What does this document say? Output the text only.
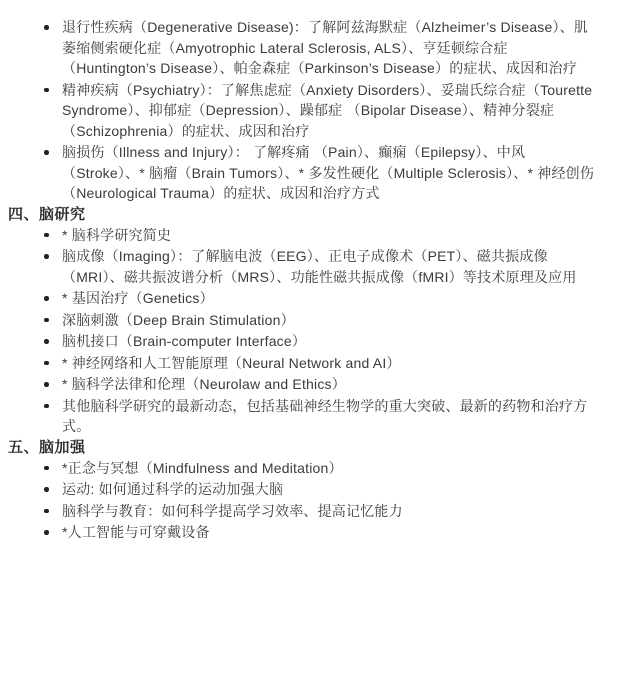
退行性疾病（Degenerative Disease)：了解阿兹海默症（Alzheimer’s Disease）、肌萎缩侧索硬化症（Amyotrophic Lateral Sclerosis, ALS）、亨廷顿综合症（Huntington’s Disease）、帕金森症（Parkinson’s Disease）的症状、成因和治疗
精神疾病（Psychiatry）：了解焦虑症（Anxiety Disorders）、妥瑞氏综合症（Tourette Syndrome）、抑郁症（Depression）、躁郁症 （Bipolar Disease）、精神分裂症（Schizophrenia）的症状、成因和治疗
脑损伤（Illness and Injury）： 了解疼痛 （Pain）、癫痫（Epilepsy）、中风（Stroke）、* 脑瘤（Brain Tumors）、* 多发性硬化（Multiple Sclerosis）、* 神经创伤（Neurological Trauma）的症状、成因和治疗方式
四、脑研究
* 脑科学研究简史
脑成像（Imaging）：了解脑电波（EEG）、正电子成像术（PET）、磁共振成像（MRI）、磁共振波谱分析（MRS）、功能性磁共振成像（fMRI）等技术原理及应用
* 基因治疗（Genetics）
深脑刺激（Deep Brain Stimulation）
脑机接口（Brain-computer Interface）
* 神经网络和人工智能原理（Neural Network and AI）
* 脑科学法律和伦理（Neurolaw and Ethics）
其他脑科学研究的最新动态，包括基础神经生物学的重大突破、最新的药物和治疗方式。
五、脑加强
*正念与冥想（Mindfulness and Meditation）
运动: 如何通过科学的运动加强大脑
脑科学与教育：如何科学提高学习效率、提高记忆能力
*人工智能与可穿戴设备
